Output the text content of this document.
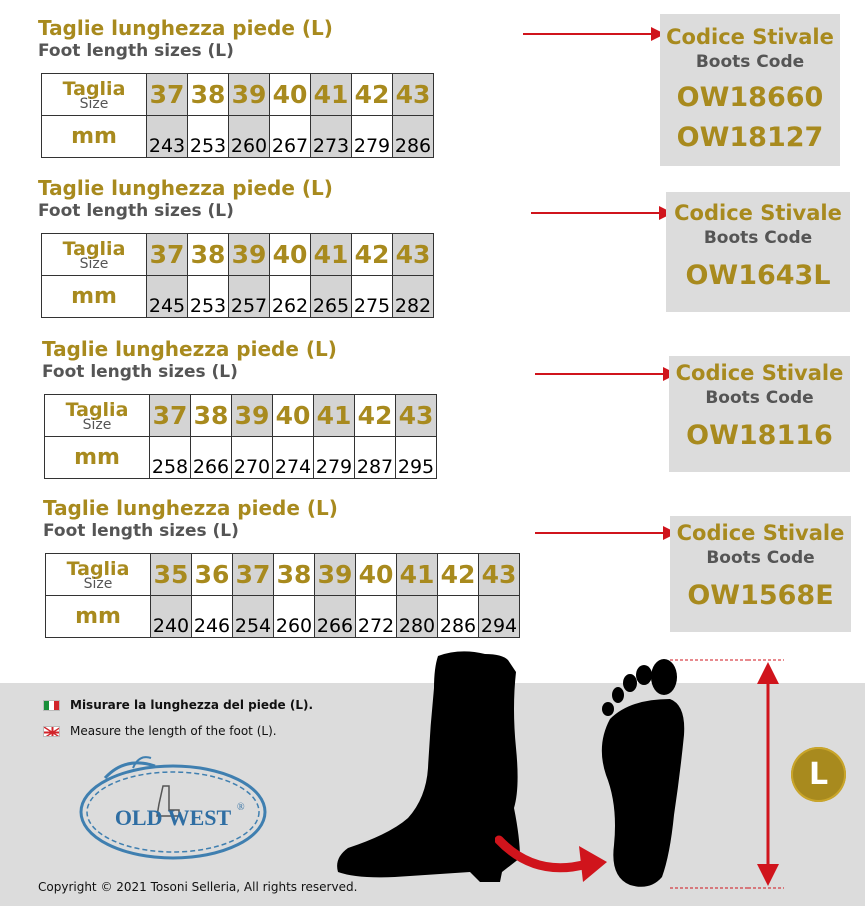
Taglie lunghezza piede (L)
Foot length sizes (L)
Taglia
Size	37	38	39	40	41	42	43
mm	243	253	260	267	273	279	286
Codice Stivale
Boots Code
OW18660
OW18127
Taglie lunghezza piede (L)
Foot length sizes (L)
Taglia
Size	37	38	39	40	41	42	43
mm	245	253	257	262	265	275	282
Codice Stivale
Boots Code
OW1643L
Taglie lunghezza piede (L)
Foot length sizes (L)
Taglia
Size	37	38	39	40	41	42	43
mm	258	266	270	274	279	287	295
Codice Stivale
Boots Code
OW18116
Taglie lunghezza piede (L)
Foot length sizes (L)
Taglia
Size	35	36	37	38	39	40	41	42	43
mm	240	246	254	260	266	272	280	286	294
Codice Stivale
Boots Code
OW1568E
Misurare la lunghezza del piede (L).
Measure the length of the foot (L).
OLD WEST ®
Copyright © 2021 Tosoni Selleria, All rights reserved.
L
